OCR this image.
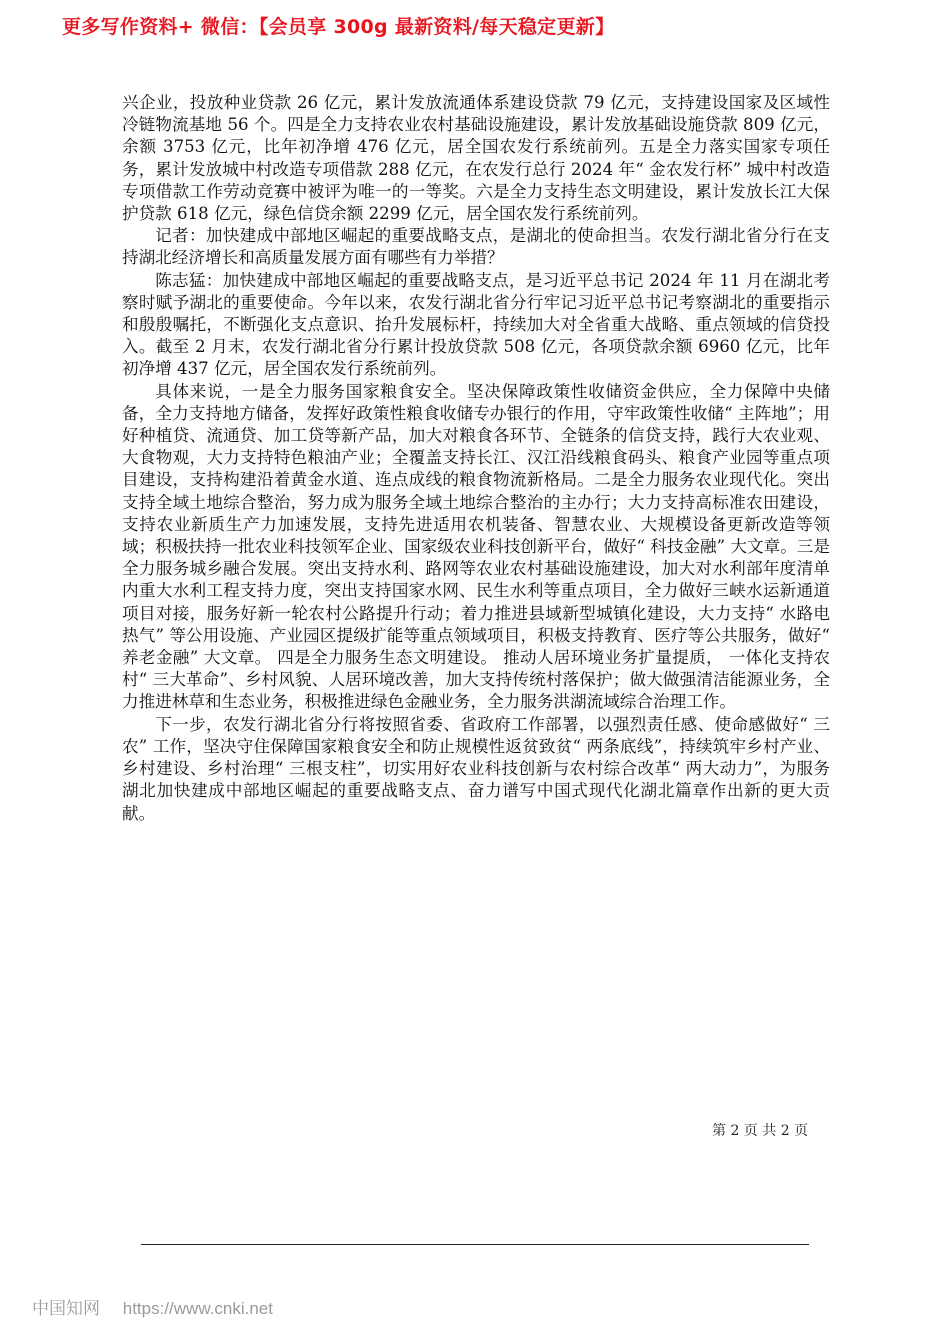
更多写作资料+ 微信：【会员享 300g 最新资料/每天稳定更新】

兴企业，投放种业贷款 26 亿元，累计发放流通体系建设贷款 79 亿元，支持建设国家及区域性冷链物流基地 56 个。四是全力支持农业农村基础设施建设，累计发放基础设施贷款 809 亿元，余额 3753 亿元，比年初净增 476 亿元，居全国农发行系统前列。五是全力落实国家专项任务，累计发放城中村改造专项借款 288 亿元，在农发行总行 2024 年“ 金农发行杯” 城中村改造专项借款工作劳动竞赛中被评为唯一的一等奖。六是全力支持生态文明建设，累计发放长江大保护贷款 618 亿元，绿色信贷余额 2299 亿元，居全国农发行系统前列。

记者：加快建成中部地区崛起的重要战略支点，是湖北的使命担当。农发行湖北省分行在支持湖北经济增长和高质量发展方面有哪些有力举措？

陈志猛：加快建成中部地区崛起的重要战略支点，是习近平总书记 2024 年 11 月在湖北考察时赋予湖北的重要使命。今年以来，农发行湖北省分行牢记习近平总书记考察湖北的重要指示和殷殷嘱托，不断强化支点意识、抬升发展标杆，持续加大对全省重大战略、重点领域的信贷投入。截至 2 月末，农发行湖北省分行累计投放贷款 508 亿元，各项贷款余额 6960 亿元，比年初净增 437 亿元，居全国农发行系统前列。

具体来说，一是全力服务国家粮食安全。坚决保障政策性收储资金供应，全力保障中央储备，全力支持地方储备，发挥好政策性粮食收储专办银行的作用，守牢政策性收储“ 主阵地”；用好种植贷、流通贷、加工贷等新产品，加大对粮食各环节、全链条的信贷支持，践行大农业观、大食物观，大力支持特色粮油产业；全覆盖支持长江、汉江沿线粮食码头、粮食产业园等重点项目建设，支持构建沿着黄金水道、连点成线的粮食物流新格局。二是全力服务农业现代化。突出支持全域土地综合整治，努力成为服务全域土地综合整治的主办行；大力支持高标准农田建设，支持农业新质生产力加速发展，支持先进适用农机装备、智慧农业、大规模设备更新改造等领域；积极扶持一批农业科技领军企业、国家级农业科技创新平台，做好“ 科技金融” 大文章。三是全力服务城乡融合发展。突出支持水利、路网等农业农村基础设施建设，加大对水利部年度清单内重大水利工程支持力度，突出支持国家水网、民生水利等重点项目，全力做好三峡水运新通道项目对接，服务好新一轮农村公路提升行动；着力推进县域新型城镇化建设，大力支持“ 水路电热气” 等公用设施、产业园区提级扩能等重点领域项目，积极支持教育、医疗等公共服务，做好“ 养老金融” 大文章。 四是全力服务生态文明建设。 推动人居环境业务扩量提质， 一体化支持农村“ 三大革命”、乡村风貌、人居环境改善，加大支持传统村落保护；做大做强清洁能源业务，全力推进林草和生态业务，积极推进绿色金融业务，全力服务洪湖流域综合治理工作。

下一步，农发行湖北省分行将按照省委、省政府工作部署，以强烈责任感、使命感做好“ 三农” 工作，坚决守住保障国家粮食安全和防止规模性返贫致贫“ 两条底线”，持续筑牢乡村产业、乡村建设、乡村治理“ 三根支柱”，切实用好农业科技创新与农村综合改革“ 两大动力”，为服务湖北加快建成中部地区崛起的重要战略支点、奋力谱写中国式现代化湖北篇章作出新的更大贡献。

第 2 页 共 2 页
中国知网 https://www.cnki.net
